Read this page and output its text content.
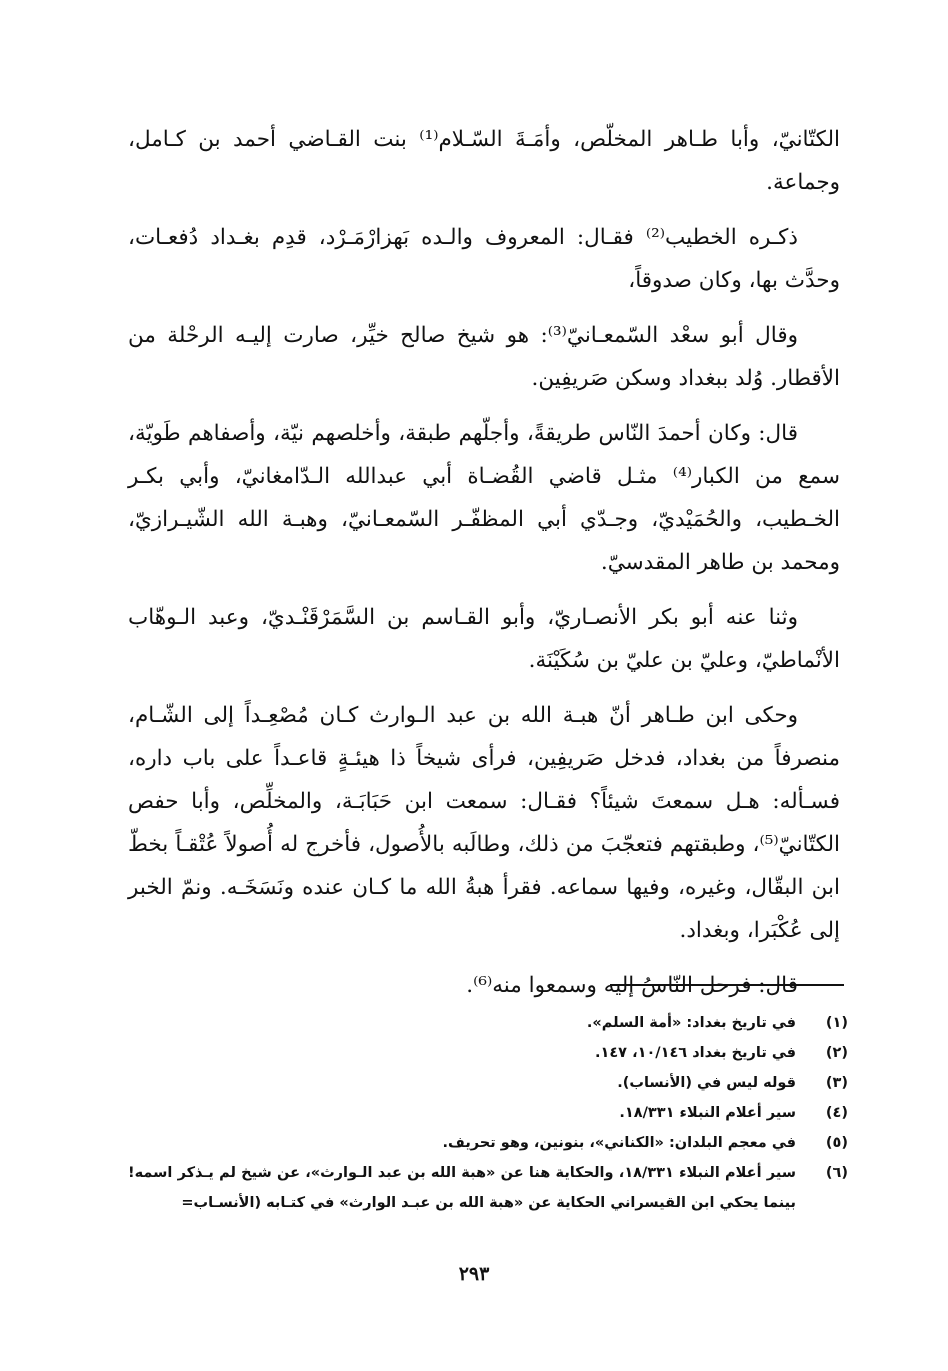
الكتّانيّ، وأبا طـاهر المخلّص، وأمَـةَ السّـلام⁽¹⁾ بنت القـاضي أحمد بن كـامل، وجماعة.

ذكـره الخطيب⁽²⁾ فقـال: المعروف والـده بَهزارْمَـرْد، قدِم بغـداد دُفعـات، وحدَّث بها، وكان صدوقاً،

وقال أبو سعْد السّمعـانيّ⁽³⁾: هو شيخ صالح خيِّر، صارت إليـه الرحْلة من الأقطار. وُلد ببغداد وسكن صَريفِين.

قال: وكان أحمدَ النّاس طريقةً، وأجلّهم طبقة، وأخلصهم نيّة، وأصفاهم طَويّة، سمع من الكبار⁽⁴⁾ مثـل قاضي القُضـاة أبي عبدالله الـدّامغانيّ، وأبي بكـر الخـطيب، والحُمَيْديّ، وجـدّي أبي المظفّـر السّمعـانيّ، وهبـة الله الشّيـرازيّ، ومحمد بن طاهر المقدسيّ.

وثنا عنه أبو بكر الأنصـاريّ، وأبو القـاسم بن السَّمَرْقَنْـديّ، وعبد الـوهّاب الأنْماطيّ، وعليّ بن عليّ بن سُكَيْنَة.

وحكى ابن طـاهر أنّ هبـة الله بن عبد الـوارث كـان مُصْعِـداً إلى الشّـام، منصرفاً من بغداد، فدخل صَريفِين، فرأى شيخاً ذا هيئـةٍ قاعـداً على باب داره، فسـأله: هـل سمعتَ شيئاً؟ فقـال: سمعت ابن حَبَابَـة، والمخلِّص، وأبا حفص الكتّانيّ⁽⁵⁾، وطبقتهم فتعجّبَ من ذلك، وطالَبه بالأُصول، فأخرج له أُصولاً عُتْقـاً بخطّ ابن البقّال، وغيره، وفيها سماعه. فقرأ هبةُ الله ما كـان عنده ونَسَخَـه. ونمّ الخبر إلى عُكْبَرا، وبغداد.

قال: فرحل النّاسُ إليه وسمعوا منه⁽⁶⁾.

(١)
في تاريخ بغداد: «أمة السلم».
(٢)
في تاريخ بغداد ١٠/١٤٦، ١٤٧.
(٣)
قوله ليس في (الأنساب).
(٤)
سير أعلام النبلاء ١٨/٣٣١.
(٥)
في معجم البلدان: «الكناني»، بنونين، وهو تحريف.
(٦)
سير أعلام النبلاء ١٨/٣٣١، والحكاية هنا عن «هبة الله بن عبد الـوارث»، عن شيخ لم يـذكر اسمه! بينما يحكي ابن القيسراني الحكاية عن «هبة الله بن عبـد الوارث» في كتـابه (الأنسـاب=
٢٩٣
